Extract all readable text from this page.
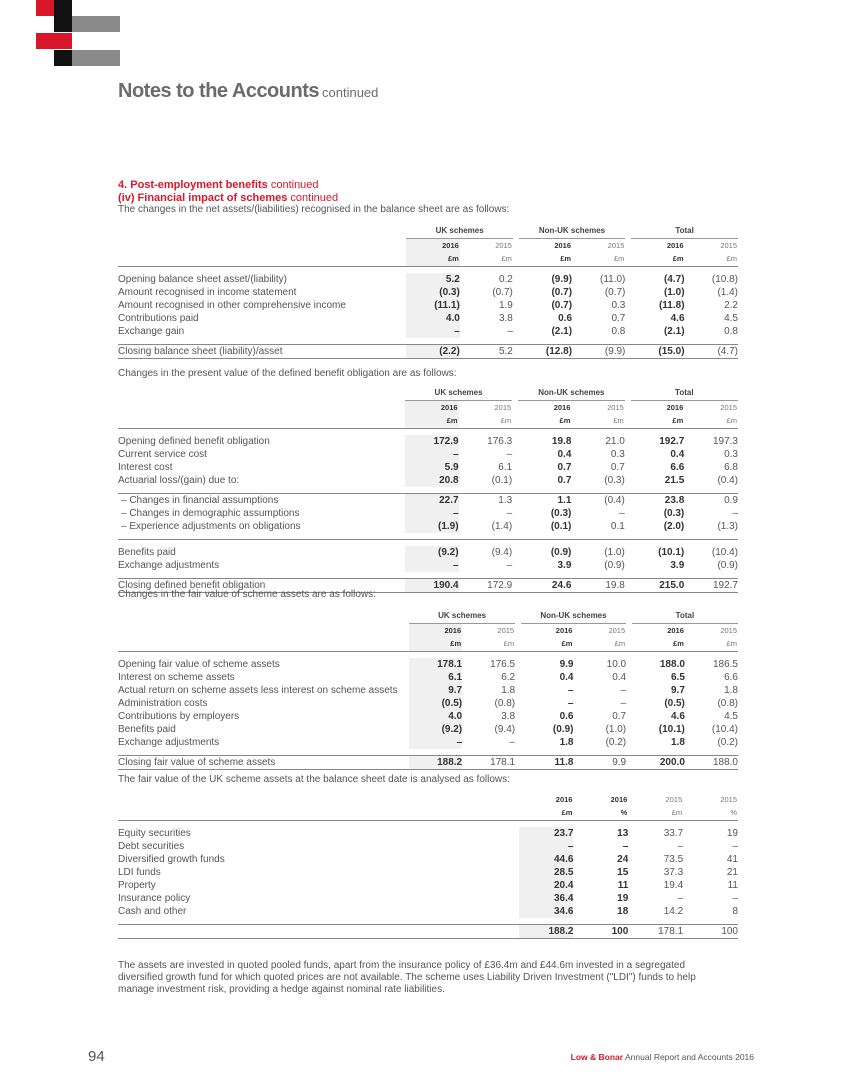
Notes to the Accounts continued
4. Post-employment benefits continued
(iv) Financial impact of schemes continued
The changes in the net assets/(liabilities) recognised in the balance sheet are as follows:
	UK schemes			Non-UK schemes			Total	
	2016	2015		2016	2015		2016	2015
	£m	£m		£m	£m		£m	£m

Opening balance sheet asset/(liability)	5.2	0.2		(9.9)	(11.0)		(4.7)	(10.8)
Amount recognised in income statement	(0.3)	(0.7)		(0.7)	(0.7)		(1.0)	(1.4)
Amount recognised in other comprehensive income	(11.1)	1.9		(0.7)	0.3		(11.8)	2.2
Contributions paid	4.0	3.8		0.6	0.7		4.6	4.5
Exchange gain	–	–		(2.1)	0.8		(2.1)	0.8

Closing balance sheet (liability)/asset	(2.2)	5.2		(12.8)	(9.9)		(15.0)	(4.7)

Changes in the present value of the defined benefit obligation are as follows:
	UK schemes			Non-UK schemes			Total	
	2016	2015		2016	2015		2016	2015
	£m	£m		£m	£m		£m	£m

Opening defined benefit obligation	172.9	176.3		19.8	21.0		192.7	197.3
Current service cost	–	–		0.4	0.3		0.4	0.3
Interest cost	5.9	6.1		0.7	0.7		6.6	6.8
Actuarial loss/(gain) due to:	20.8	(0.1)		0.7	(0.3)		21.5	(0.4)

– Changes in financial assumptions	22.7	1.3		1.1	(0.4)		23.8	0.9
– Changes in demographic assumptions	–	–		(0.3)	–		(0.3)	–
– Experience adjustments on obligations	(1.9)	(1.4)		(0.1)	0.1		(2.0)	(1.3)

Benefits paid	(9.2)	(9.4)		(0.9)	(1.0)		(10.1)	(10.4)
Exchange adjustments	–	–		3.9	(0.9)		3.9	(0.9)

Closing defined benefit obligation	190.4	172.9		24.6	19.8		215.0	192.7

Changes in the fair value of scheme assets are as follows:
	UK schemes			Non-UK schemes			Total	
	2016	2015		2016	2015		2016	2015
	£m	£m		£m	£m		£m	£m

Opening fair value of scheme assets	178.1	176.5		9.9	10.0		188.0	186.5
Interest on scheme assets	6.1	6.2		0.4	0.4		6.5	6.6
Actual return on scheme assets less interest on scheme assets	9.7	1.8		–	–		9.7	1.8
Administration costs	(0.5)	(0.8)		–	–		(0.5)	(0.8)
Contributions by employers	4.0	3.8		0.6	0.7		4.6	4.5
Benefits paid	(9.2)	(9.4)		(0.9)	(1.0)		(10.1)	(10.4)
Exchange adjustments	–	–		1.8	(0.2)		1.8	(0.2)

Closing fair value of scheme assets	188.2	178.1		11.8	9.9		200.0	188.0

The fair value of the UK scheme assets at the balance sheet date is analysed as follows:
	2016	2016	2015	2015
	£m	%	£m	%

Equity securities	23.7	13	33.7	19
Debt securities	–	–	–	–
Diversified growth funds	44.6	24	73.5	41
LDI funds	28.5	15	37.3	21
Property	20.4	11	19.4	11
Insurance policy	36.4	19	–	–
Cash and other	34.6	18	14.2	8

	188.2	100	178.1	100

The assets are invested in quoted pooled funds, apart from the insurance policy of £36.4m and £44.6m invested in a segregated diversified growth fund for which quoted prices are not available. The scheme uses Liability Driven Investment ("LDI") funds to help manage investment risk, providing a hedge against nominal rate liabilities.
94	Low & Bonar Annual Report and Accounts 2016
